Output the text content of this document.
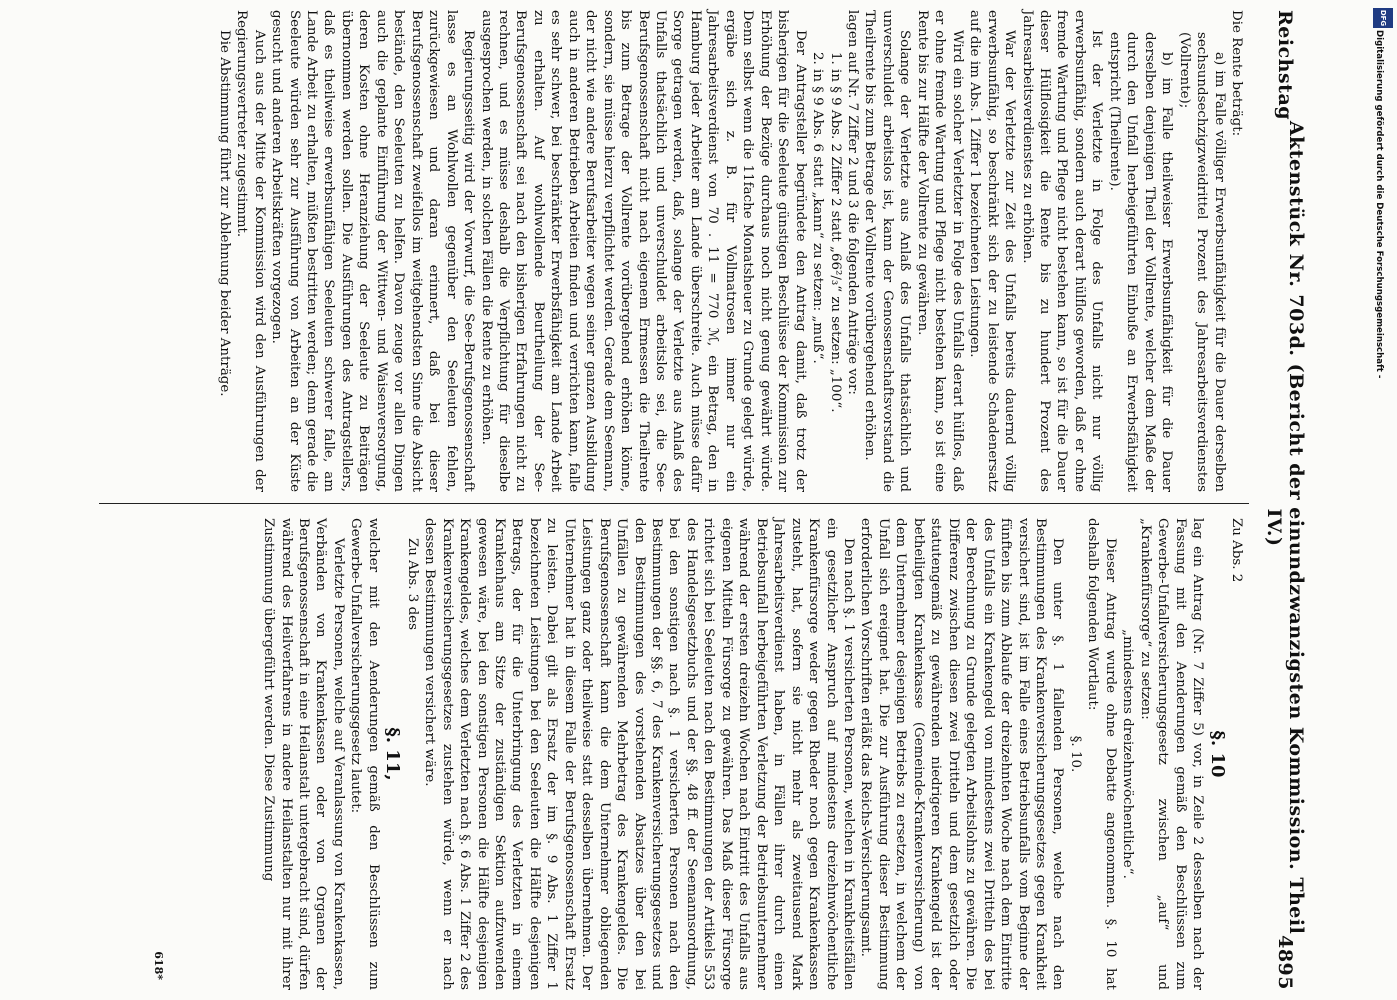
Reichstag
Aktenstück Nr. 703d. (Bericht der einundzwanzigsten Kommission. Theil IV.)
4895

Die Rente beträgt:

a) im Falle völliger Erwerbsunfähigkeit für die Dauer derselben sechsundsechzigzweidrittel Prozent des Jahresarbeitsverdienstes (Vollrente);

b) im Falle theilweiser Erwerbsunfähigkeit für die Dauer derselben denjenigen Theil der Vollrente, welcher dem Maße der durch den Unfall herbeigeführten Einbuße an Erwerbsfähigkeit entspricht (Theilrente).

Ist der Verletzte in Folge des Unfalls nicht nur völlig erwerbsunfähig, sondern auch derart hülflos geworden, daß er ohne fremde Wartung und Pflege nicht bestehen kann, so ist für die Dauer dieser Hülflosigkeit die Rente bis zu hundert Prozent des Jahresarbeitsverdienstes zu erhöhen.

War der Verletzte zur Zeit des Unfalls bereits dauernd völlig erwerbsunfähig, so beschränkt sich der zu leistende Schadenersatz auf die im Abs. 1 Ziffer 1 bezeichneten Leistungen.

Wird ein solcher Verletzter in Folge des Unfalls derart hülflos, daß er ohne fremde Wartung und Pflege nicht bestehen kann, so ist eine Rente bis zur Hälfte der Vollrente zu gewähren.

Solange der Verletzte aus Anlaß des Unfalls thatsächlich und unverschuldet arbeitslos ist, kann der Genossenschaftsvorstand die Theilrente bis zum Betrage der Vollrente vorübergehend erhöhen.

lagen auf Nr. 7 Ziffer 2 und 3 die folgenden Anträge vor:

1. in § 9 Abs. 2 Ziffer 2 statt „66²/₃“ zu setzen: „100“.

2. in § 9 Abs. 6 statt „kann“ zu setzen: „muß“.

Der Antragsteller begründete den Antrag damit, daß trotz der bisherigen für die Seeleute günstigen Beschlüsse der Kommission zur Erhöhung der Bezüge durchaus noch nicht genug gewährt würde. Denn selbst wenn die 11fache Monatsheuer zu Grunde gelegt würde, ergäbe sich z. B. für Vollmatrosen immer nur ein Jahresarbeitsverdienst von 70 . 11 = 770 ℳ, ein Betrag, den in Hamburg jeder Arbeiter am Lande überschreite. Auch müsse dafür Sorge getragen werden, daß, solange der Verletzte aus Anlaß des Unfalls thatsächlich und unverschuldet arbeitslos sei, die See-Berufsgenossenschaft nicht nach eigenem Ermessen die Theilrente bis zum Betrage der Vollrente vorübergehend erhöhen könne, sondern, sie müsse hierzu verpflichtet werden. Gerade dem Seemann, der nicht wie andere Berufsarbeiter wegen seiner ganzen Ausbildung auch in anderen Betrieben Arbeiten finden und verrichten kann, falle es sehr schwer, bei beschränkter Erwerbsfähigkeit am Lande Arbeit zu erhalten. Auf wohlwollende Beurtheilung der See-Berufsgenossenschaft sei nach den bisherigen Erfahrungen nicht zu rechnen, und es müsse deshalb die Verpflichtung für dieselbe ausgesprochen werden, in solchen Fällen die Rente zu erhöhen.

Regierungsseitig wird der Vorwurf, die See-Berufsgenossenschaft lasse es an Wohlwollen gegenüber den Seeleuten fehlen, zurückgewiesen und daran erinnert, daß bei dieser Berufsgenossenschaft zweifellos im weitgehendsten Sinne die Absicht bestände, den Seeleuten zu helfen. Davon zeuge vor allen Dingen auch die geplante Einführung der Wittwen- und Waisenversorgung, deren Kosten ohne Heranziehung der Seeleute zu Beiträgen übernommen werden sollen. Die Ausführungen des Antragstellers, daß es theilweise erwerbsunfähigen Seeleuten schwerer falle, am Lande Arbeit zu erhalten, müßten bestritten werden; denn gerade die Seeleute würden sehr zur Ausführung von Arbeiten an der Küste gesucht und anderen Arbeitskräften vorgezogen.

Auch aus der Mitte der Kommission wird den Ausführungen der Regierungsvertreter zugestimmt.

Die Abstimmung führt zur Ablehnung beider Anträge.

Zu Abs. 2

§. 10

lag ein Antrag (Nr. 7 Ziffer 5) vor, in Zeile 2 desselben nach der Fassung mit den Aenderungen gemäß den Beschlüssen zum Gewerbe-Unfallversicherungsgesetz zwischen „auf“ und „Krankenfürsorge“ zu setzen:

„mindestens dreizehnwöchentliche“.

Dieser Antrag wurde ohne Debatte angenommen. §. 10 hat deshalb folgenden Wortlaut:

§. 10.

Den unter §. 1 fallenden Personen, welche nach den Bestimmungen des Krankenversicherungsgesetzes gegen Krankheit versichert sind, ist im Falle eines Betriebsunfalls vom Beginne der fünften bis zum Ablaufe der dreizehnten Woche nach dem Eintritte des Unfalls ein Krankengeld von mindestens zwei Dritteln des bei der Berechnung zu Grunde gelegten Arbeitslohns zu gewähren. Die Differenz zwischen diesen zwei Dritteln und dem gesetzlich oder statutengemäß zu gewährenden niedrigeren Krankengeld ist der betheiligten Krankenkasse (Gemeinde-Krankenversicherung) von dem Unternehmer desjenigen Betriebs zu ersetzen, in welchem der Unfall sich ereignet hat. Die zur Ausführung dieser Bestimmung erforderlichen Vorschriften erläßt das Reichs-Versicherungsamt.

Den nach §. 1 versicherten Personen, welchen in Krankheitsfällen ein gesetzlicher Anspruch auf mindestens dreizehnwöchentliche Krankenfürsorge weder gegen Rheder noch gegen Krankenkassen zusteht, hat, sofern sie nicht mehr als zweitausend Mark Jahresarbeitsverdienst haben, in Fällen ihrer durch einen Betriebsunfall herbeigeführten Verletzung der Betriebsunternehmer während der ersten dreizehn Wochen nach Eintritt des Unfalls aus eigenen Mitteln Fürsorge zu gewähren. Das Maß dieser Fürsorge richtet sich bei Seeleuten nach den Bestimmungen der Artikels 553 des Handelsgesetzbuchs und der §§. 48 ff. der Seemannsordnung, bei den sonstigen nach §. 1 versicherten Personen nach den Bestimmungen der §§. 6, 7 des Krankenversicherungsgesetzes und den Bestimmungen des vorstehenden Absatzes über den bei Unfällen zu gewährenden Mehrbetrag des Krankengeldes. Die Berufsgenossenschaft kann die dem Unternehmer obliegenden Leistungen ganz oder theilweise statt desselben übernehmen. Der Unternehmer hat in diesem Falle der Berufsgenossenschaft Ersatz zu leisten. Dabei gilt als Ersatz der im §. 9 Abs. 1 Ziffer 1 bezeichneten Leistungen bei den Seeleuten die Hälfte desjenigen Betrags, der für die Unterbringung des Verletzten in einem Krankenhaus am Sitze der zuständigen Sektion aufzuwenden gewesen wäre, bei den sonstigen Personen die Hälfte desjenigen Krankengeldes, welches dem Verletzten nach §. 6 Abs. 1 Ziffer 2 des Krankenversicherungsgesetzes zustehen würde, wenn er nach dessen Bestimmungen versichert wäre.

Zu Abs. 3 des

§. 11,

welcher mit den Aenderungen gemäß den Beschlüssen zum Gewerbe-Unfallversicherungsgesetz lautet:

Verletzte Personen, welche auf Veranlassung von Krankenkassen, Verbänden von Krankenkassen oder von Organen der Berufsgenossenschaft in eine Heilanstalt untergebracht sind, dürfen während des Heilverfahrens in andere Heilanstalten nur mit ihrer Zustimmung übergeführt werden. Diese Zustimmung

618*
DFG
Digitalisierung gefördert durch die Deutsche Forschungsgemeinschaft -
